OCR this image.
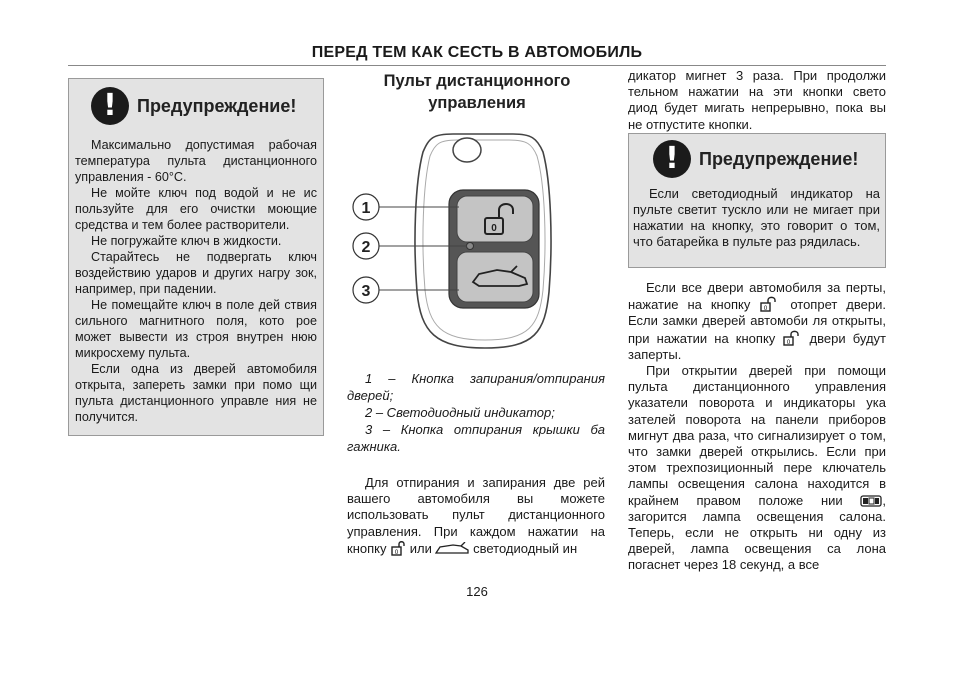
ПЕРЕД ТЕМ КАК СЕСТЬ В АВТОМОБИЛЬ
!	Предупреждение!

Максимально допустимая рабочая температура пульта дистанционного управления - 60°C.

Не мойте ключ под водой и не ис пользуйте для его очистки моющие средства и тем более растворители.

Не погружайте ключ в жидкости.

Старайтесь не подвергать ключ воздействию ударов и других нагру зок, например, при падении.

Не помещайте ключ в поле дей ствия сильного магнитного поля, кото рое может вывести из строя внутрен нюю микросхему пульта.

Если одна из дверей автомобиля открыта, запереть замки при помо щи пульта дистанционного управле ния не получится.

Пульт дистанционного
управления
0
1
2
3

1 – Кнопка запирания/отпирания дверей;

2 – Светодиодный индикатор;

3 – Кнопка отпирания крышки ба гажника.

Для отпирания и запирания две рей вашего автомобиля вы можете использовать пульт дистанционного управления. При каждом нажатии на кнопку 0 или	светодиодный ин

дикатор мигнет 3 раза. При продолжи тельном нажатии на эти кнопки свето диод будет мигать непрерывно, пока вы не отпустите кнопки.

!	Предупреждение!

Если светодиодный индикатор на пульте светит тускло или не мигает при нажатии на кнопку, это говорит о том, что батарейка в пульте раз рядилась.

Если все двери автомобиля за перты, нажатие на кнопку 0 отопрет двери. Если замки дверей автомоби ля открыты, при нажатии на кнопку 0 двери будут заперты.

При открытии дверей при помощи пульта дистанционного управления указатели поворота и индикаторы ука зателей поворота на панели приборов мигнут два раза, что сигнализирует о том, что замки дверей открылись. Если при этом трехпозиционный пере ключатель лампы освещения салона находится в крайнем правом положе нии	, загорится лампа освещения салона. Теперь, если не открыть ни одну из дверей, лампа освещения са лона погаснет через 18 секунд, а все

126
